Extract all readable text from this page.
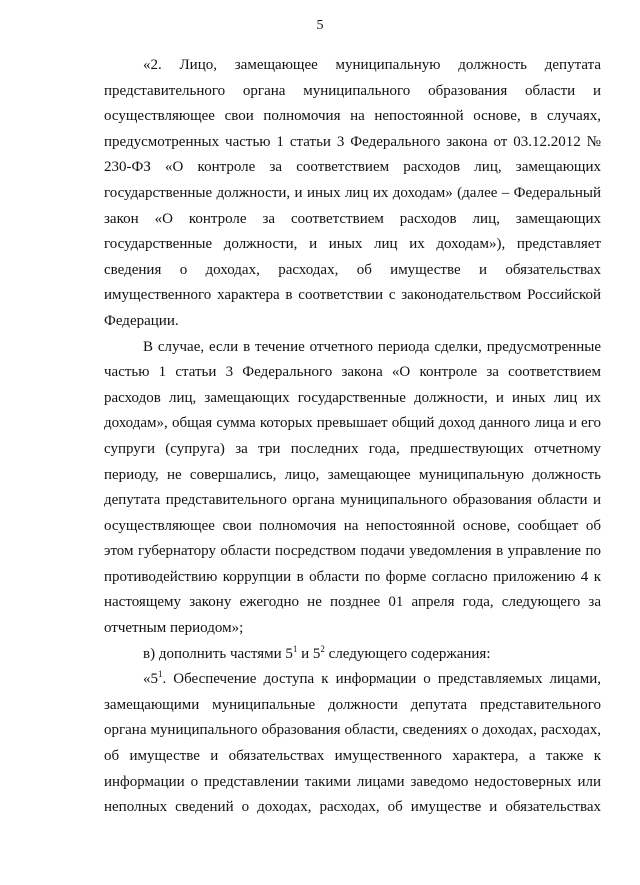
5

«2. Лицо, замещающее муниципальную должность депутата представительного органа муниципального образования области и осуществляющее свои полномочия на непостоянной основе, в случаях, предусмотренных частью 1 статьи 3 Федерального закона от 03.12.2012 № 230-ФЗ «О контроле за соответствием расходов лиц, замещающих государственные должности, и иных лиц их доходам» (далее – Федеральный закон «О контроле за соответствием расходов лиц, замещающих государственные должности, и иных лиц их доходам»), представляет сведения о доходах, расходах, об имуществе и обязательствах имущественного характера в соответствии с законодательством Российской Федерации.

В случае, если в течение отчетного периода сделки, предусмотренные частью 1 статьи 3 Федерального закона «О контроле за соответствием расходов лиц, замещающих государственные должности, и иных лиц их доходам», общая сумма которых превышает общий доход данного лица и его супруги (супруга) за три последних года, предшествующих отчетному периоду, не совершались, лицо, замещающее муниципальную должность депутата представительного органа муниципального образования области и осуществляющее свои полномочия на непостоянной основе, сообщает об этом губернатору области посредством подачи уведомления в управление по противодействию коррупции в области по форме согласно приложению 4 к настоящему закону ежегодно не позднее 01 апреля года, следующего за отчетным периодом»;

в) дополнить частями $5^1$ и $5^2$ следующего содержания:

«$5^1$. Обеспечение доступа к информации о представляемых лицами, замещающими муниципальные должности депутата представительного органа муниципального образования области, сведениях о доходах, расходах, об имуществе и обязательствах имущественного характера, а также к информации о представлении такими лицами заведомо недостоверных или неполных сведений о доходах, расходах, об имуществе и обязательствах
